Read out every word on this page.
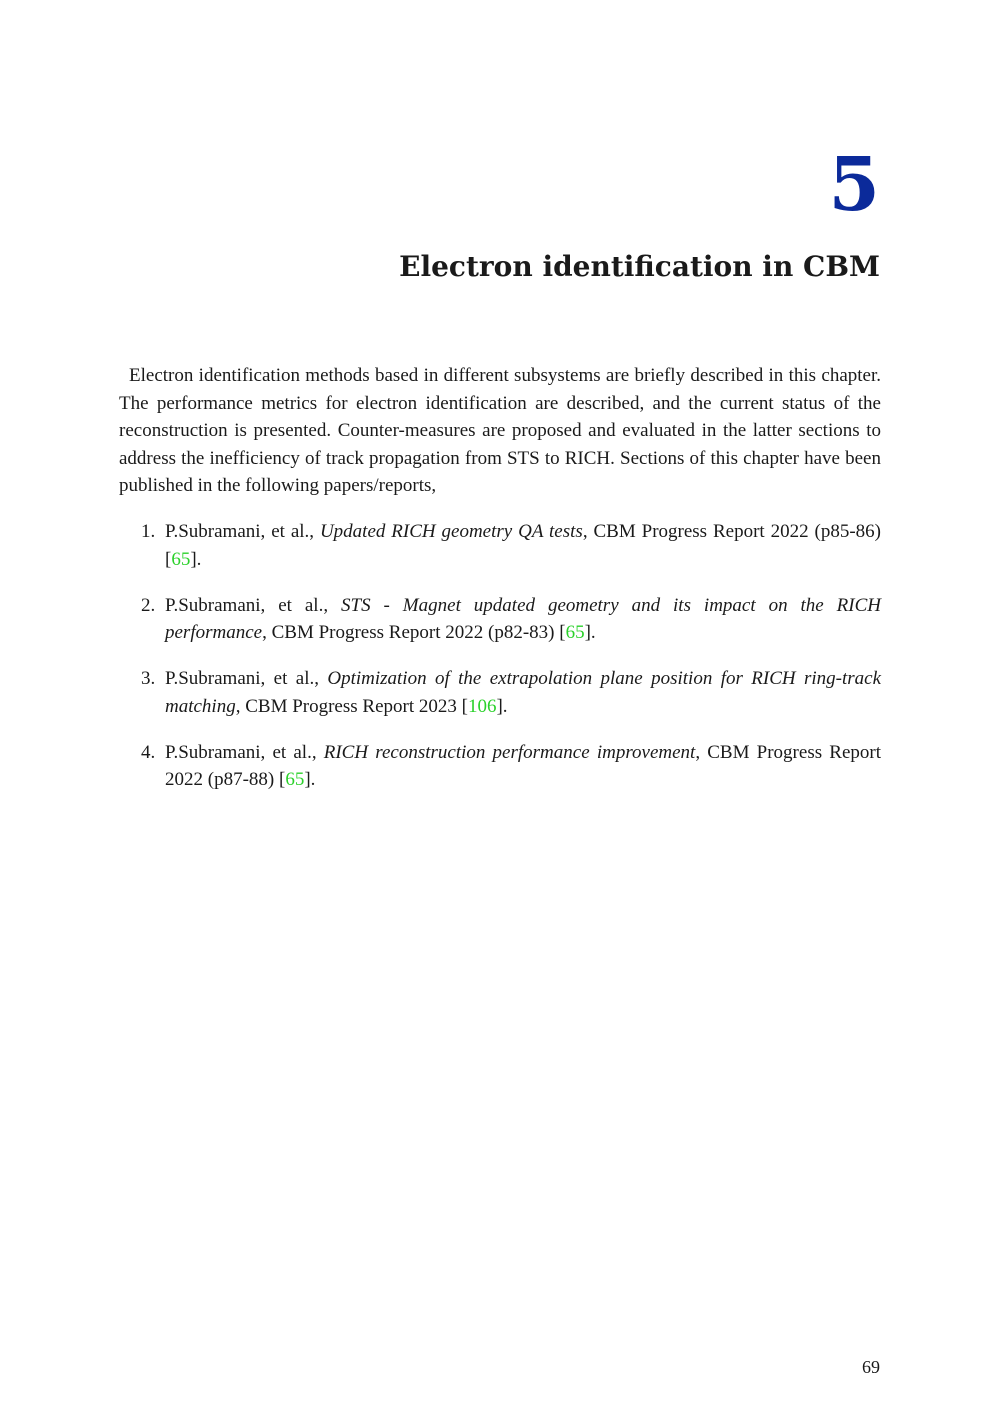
5
Electron identification in CBM

Electron identification methods based in different subsystems are briefly described in this chapter. The performance metrics for electron identification are described, and the current status of the reconstruction is presented. Counter-measures are proposed and evaluated in the latter sections to address the inefficiency of track propagation from STS to RICH. Sections of this chapter have been published in the following papers/reports,

1. P.Subramani, et al., Updated RICH geometry QA tests, CBM Progress Report 2022 (p85-86) [65].
2. P.Subramani, et al., STS - Magnet updated geometry and its impact on the RICH performance, CBM Progress Report 2022 (p82-83) [65].
3. P.Subramani, et al., Optimization of the extrapolation plane position for RICH ring-track matching, CBM Progress Report 2023 [106].
4. P.Subramani, et al., RICH reconstruction performance improvement, CBM Progress Report 2022 (p87-88) [65].
69
